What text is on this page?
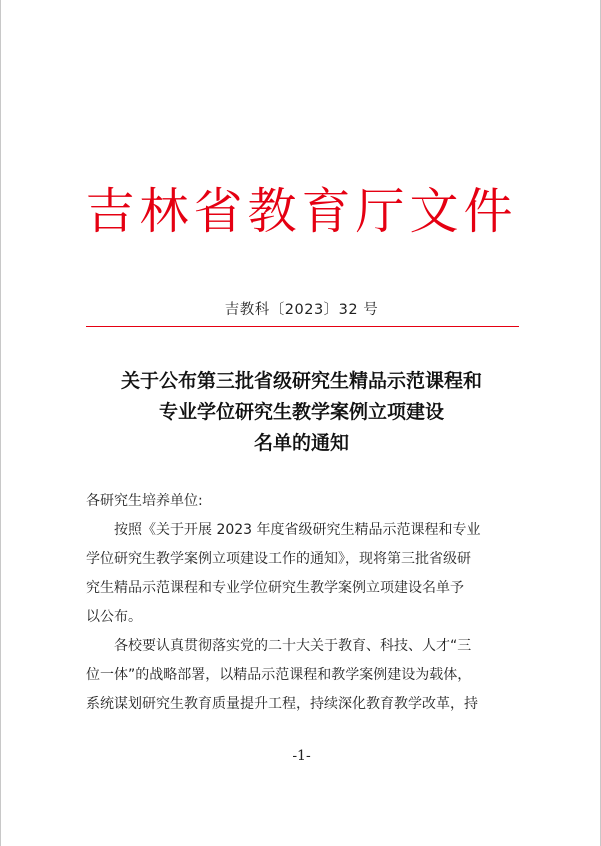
吉林省教育厅文件
吉教科〔2023〕32 号
关于公布第三批省级研究生精品示范课程和
专业学位研究生教学案例立项建设
名单的通知
各研究生培养单位:
按照《关于开展 2023 年度省级研究生精品示范课程和专业
学位研究生教学案例立项建设工作的通知》，现将第三批省级研
究生精品示范课程和专业学位研究生教学案例立项建设名单予
以公布。
各校要认真贯彻落实党的二十大关于教育、科技、人才“三
位一体”的战略部署，以精品示范课程和教学案例建设为载体，
系统谋划研究生教育质量提升工程，持续深化教育教学改革，持
-1-
